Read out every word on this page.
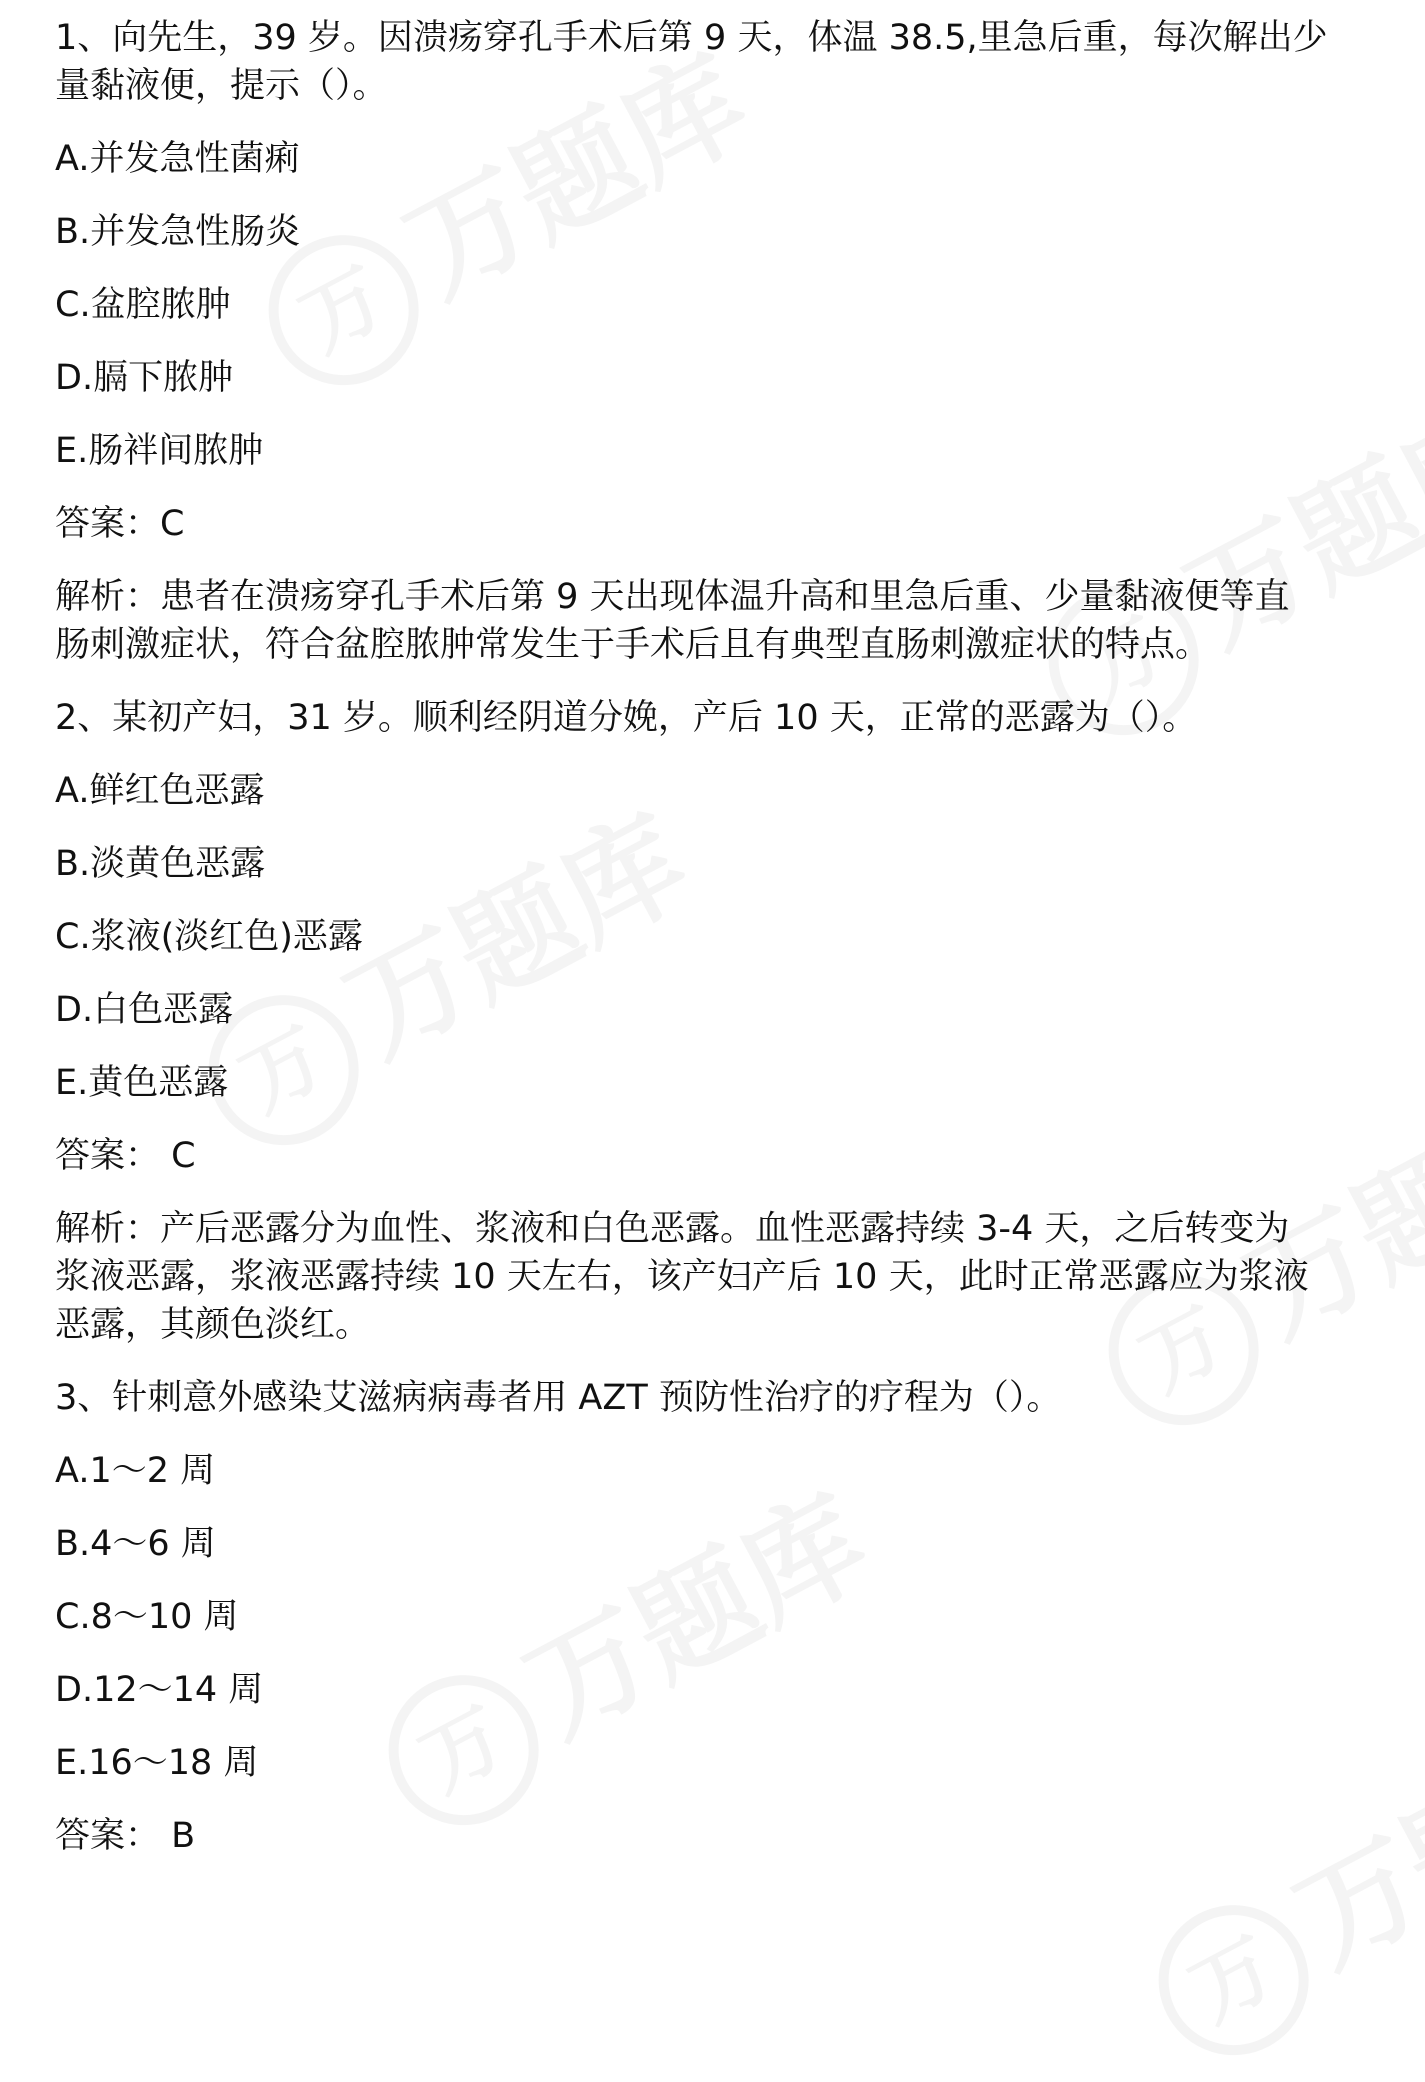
1、向先生，39 岁。因溃疡穿孔手术后第 9 天，体温 38.5,里急后重，每次解出少
量黏液便，提示（）。
A.并发急性菌痢
B.并发急性肠炎
C.盆腔脓肿
D.膈下脓肿
E.肠袢间脓肿
答案：C
解析：患者在溃疡穿孔手术后第 9 天出现体温升高和里急后重、少量黏液便等直
肠刺激症状，符合盆腔脓肿常发生于手术后且有典型直肠刺激症状的特点。
2、某初产妇，31 岁。顺利经阴道分娩，产后 10 天，正常的恶露为（）。
A.鲜红色恶露
B.淡黄色恶露
C.浆液(淡红色)恶露
D.白色恶露
E.黄色恶露
答案： C
解析：产后恶露分为血性、浆液和白色恶露。血性恶露持续 3-4 天，之后转变为
浆液恶露，浆液恶露持续 10 天左右，该产妇产后 10 天，此时正常恶露应为浆液
恶露，其颜色淡红。
3、针刺意外感染艾滋病病毒者用 AZT 预防性治疗的疗程为（）。
A.1～2 周
B.4～6 周
C.8～10 周
D.12～14 周
E.16～18 周
答案： B
